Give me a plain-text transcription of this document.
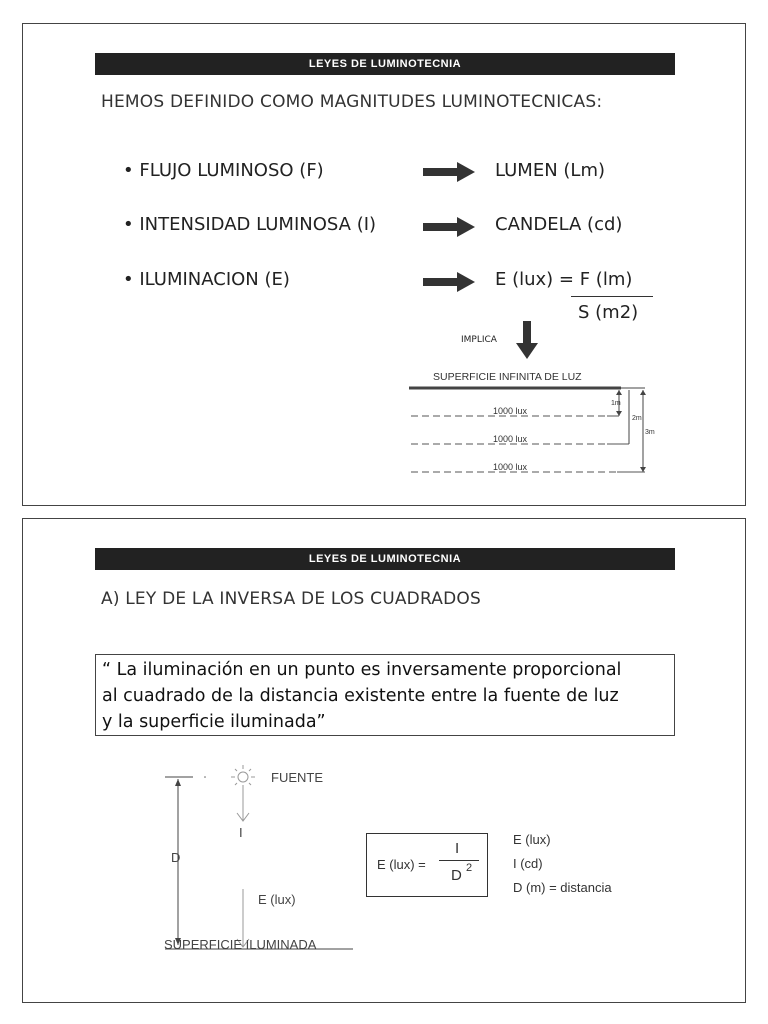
LEYES DE LUMINOTECNIA
HEMOS DEFINIDO COMO MAGNITUDES LUMINOTECNICAS:
• FLUJO LUMINOSO (F)	LUMEN (Lm)
• INTENSIDAD LUMINOSA (I)	CANDELA (cd)
• ILUMINACION (E)	E (lux) = F (lm)
S (m2)
IMPLICA
SUPERFICIE INFINITA DE LUZ
1000 lux
1000 lux
1000 lux
1m
2m
3m
LEYES DE LUMINOTECNIA
A) LEY DE LA INVERSA DE LOS CUADRADOS
“ La iluminación en un punto es inversamente proporcional
al cuadrado de la distancia existente entre la fuente de luz
y la superficie iluminada”
FUENTE
I
D
E (lux)
SUPERFICIE ILUMINADA
E (lux) =
I
D 2
E (lux)
I (cd)
D (m) = distancia
